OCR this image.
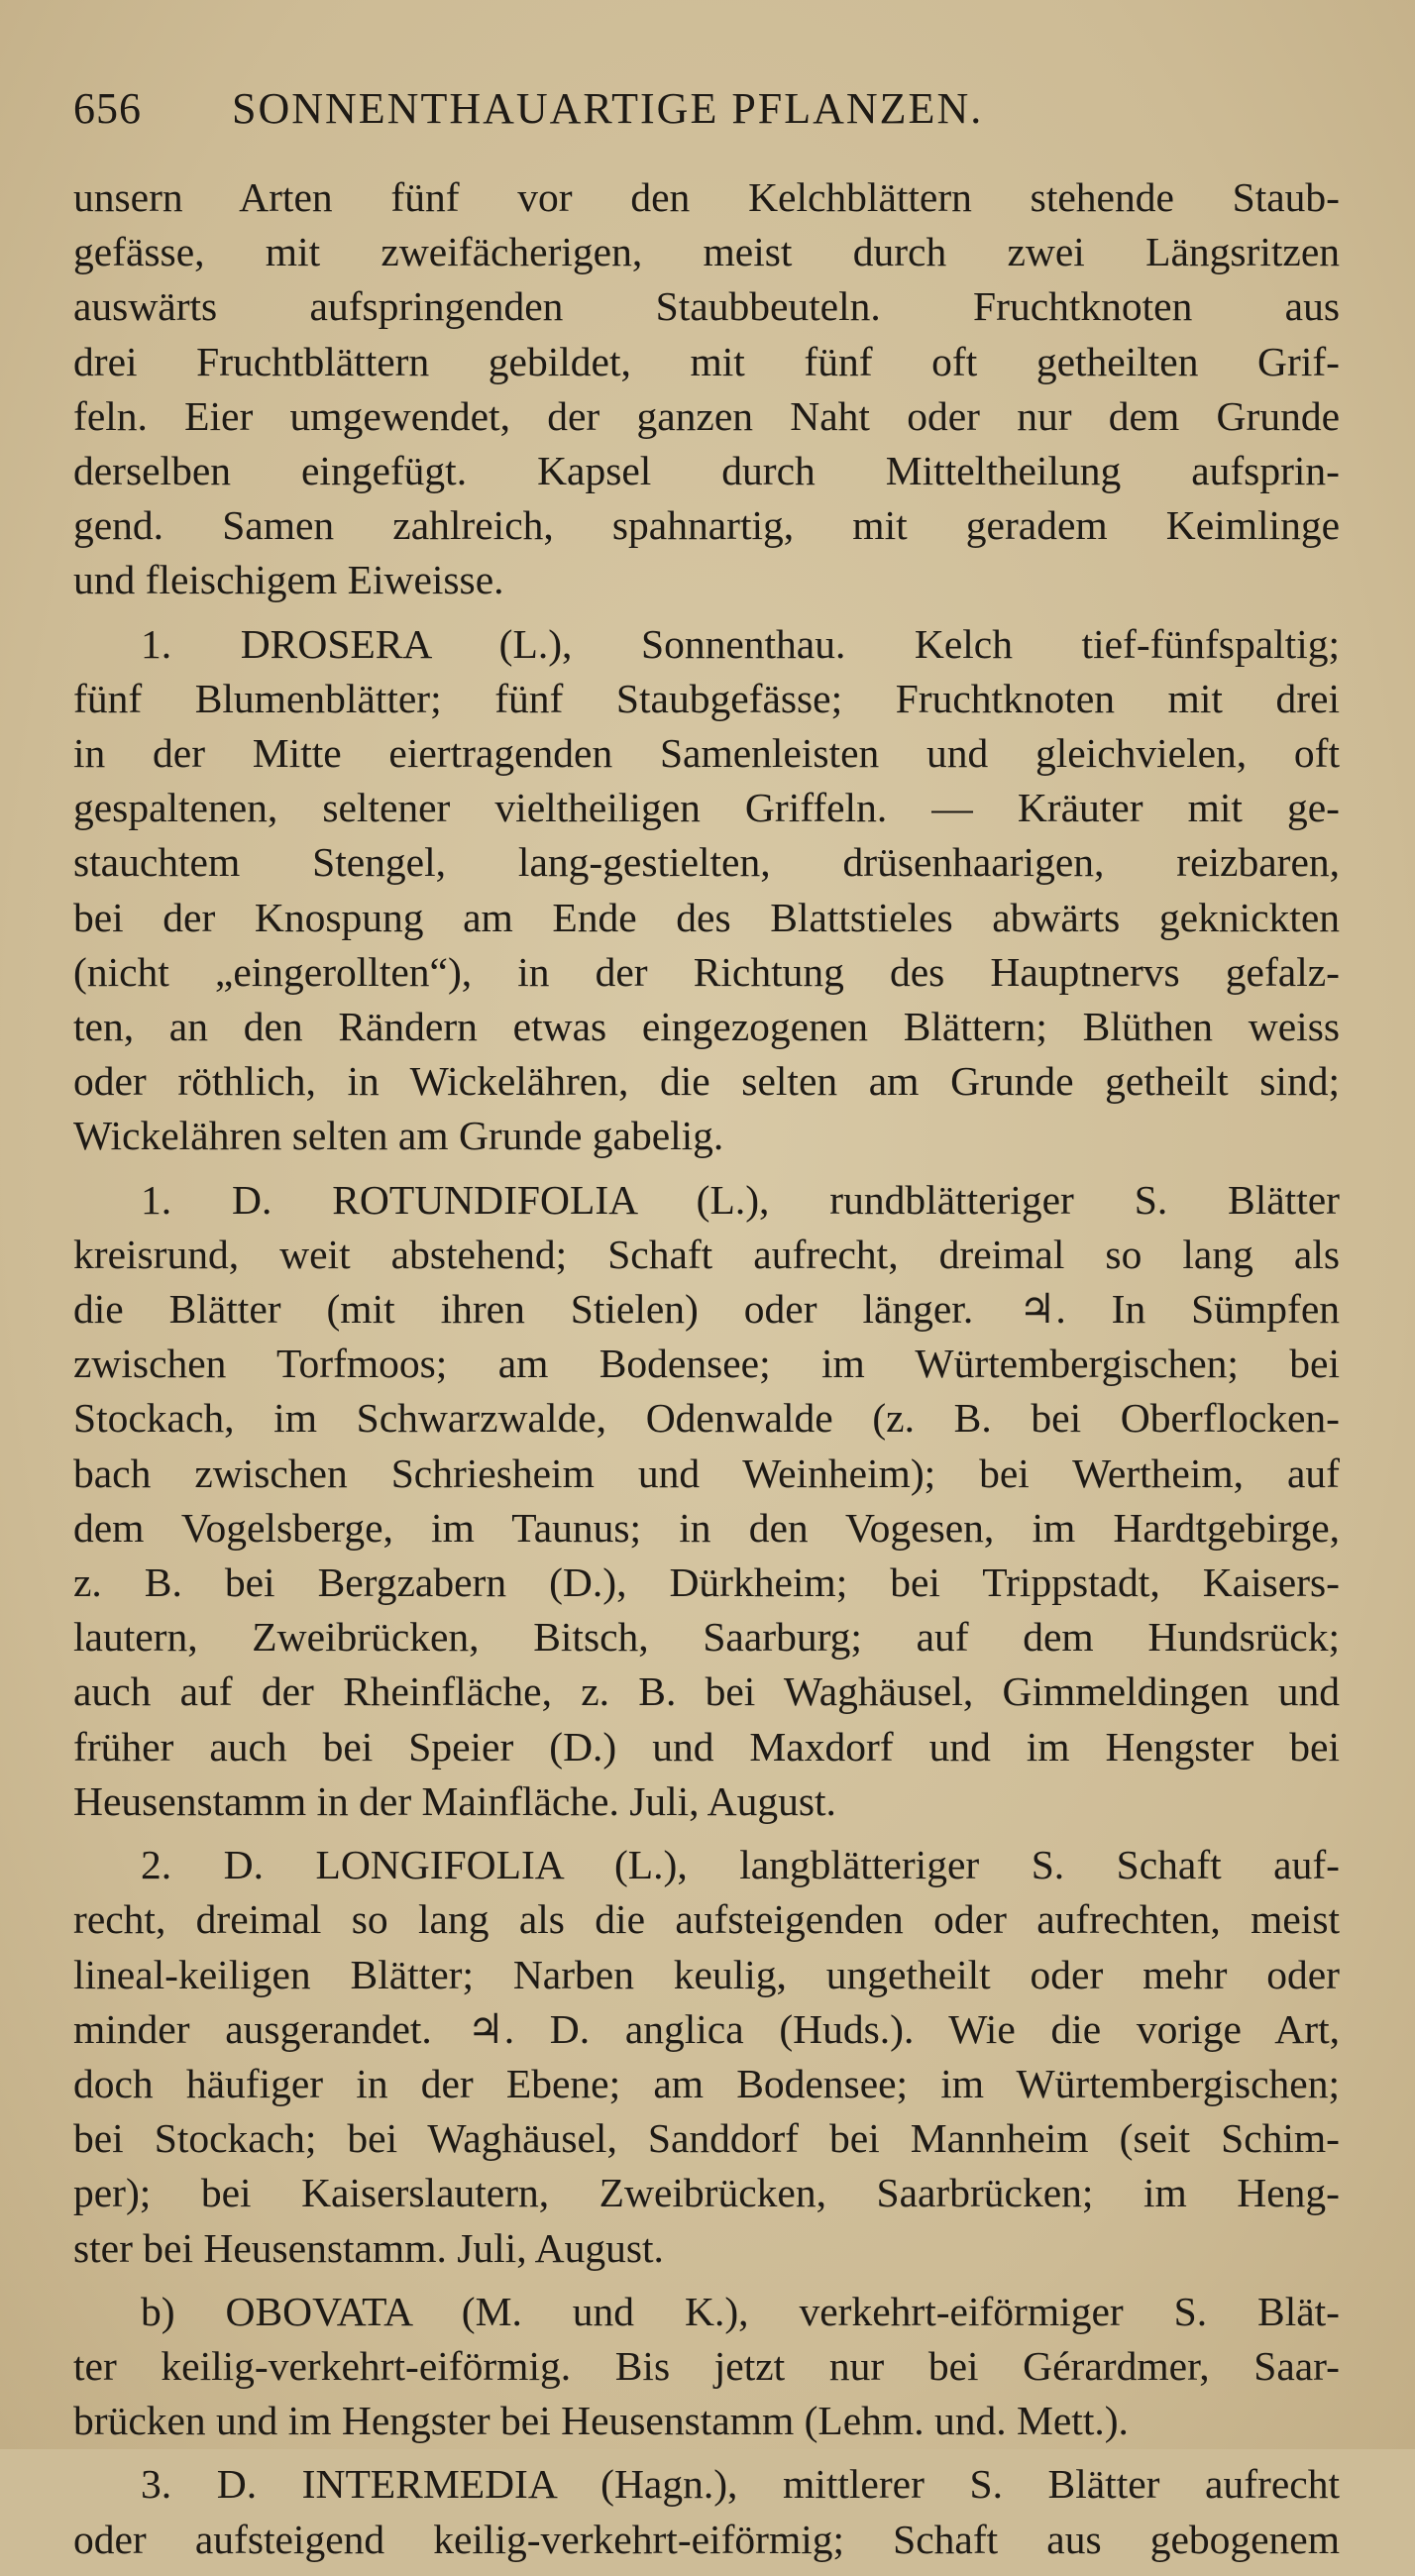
656	SONNENTHAUARTIGE PFLANZEN.
unsern Arten fünf vor den Kelchblättern stehende Staub-
gefässe, mit zweifächerigen, meist durch zwei Längsritzen
auswärts aufspringenden Staubbeuteln. Fruchtknoten aus
drei Fruchtblättern gebildet, mit fünf oft getheilten Grif-
feln. Eier umgewendet, der ganzen Naht oder nur dem Grunde
derselben eingefügt. Kapsel durch Mitteltheilung aufsprin-
gend. Samen zahlreich, spahnartig, mit geradem Keimlinge
und fleischigem Eiweisse.
1. DROSERA (L.), Sonnenthau. Kelch tief-fünfspaltig;
fünf Blumenblätter; fünf Staubgefässe; Fruchtknoten mit drei
in der Mitte eiertragenden Samenleisten und gleichvielen, oft
gespaltenen, seltener vieltheiligen Griffeln. — Kräuter mit ge-
stauchtem Stengel, lang-gestielten, drüsenhaarigen, reizbaren,
bei der Knospung am Ende des Blattstieles abwärts geknickten
(nicht „eingerollten“), in der Richtung des Hauptnervs gefalz-
ten, an den Rändern etwas eingezogenen Blättern; Blüthen weiss
oder röthlich, in Wickelähren, die selten am Grunde getheilt sind;
Wickelähren selten am Grunde gabelig.
1. D. ROTUNDIFOLIA (L.), rundblätteriger S. Blätter
kreisrund, weit abstehend; Schaft aufrecht, dreimal so lang als
die Blätter (mit ihren Stielen) oder länger. ♃. In Sümpfen
zwischen Torfmoos; am Bodensee; im Würtembergischen; bei
Stockach, im Schwarzwalde, Odenwalde (z. B. bei Oberflocken-
bach zwischen Schriesheim und Weinheim); bei Wertheim, auf
dem Vogelsberge, im Taunus; in den Vogesen, im Hardtgebirge,
z. B. bei Bergzabern (D.), Dürkheim; bei Trippstadt, Kaisers-
lautern, Zweibrücken, Bitsch, Saarburg; auf dem Hundsrück;
auch auf der Rheinfläche, z. B. bei Waghäusel, Gimmeldingen und
früher auch bei Speier (D.) und Maxdorf und im Hengster bei
Heusenstamm in der Mainfläche. Juli, August.
2. D. LONGIFOLIA (L.), langblätteriger S. Schaft auf-
recht, dreimal so lang als die aufsteigenden oder aufrechten, meist
lineal-keiligen Blätter; Narben keulig, ungetheilt oder mehr oder
minder ausgerandet. ♃. D. anglica (Huds.). Wie die vorige Art,
doch häufiger in der Ebene; am Bodensee; im Würtembergischen;
bei Stockach; bei Waghäusel, Sanddorf bei Mannheim (seit Schim-
per); bei Kaiserslautern, Zweibrücken, Saarbrücken; im Heng-
ster bei Heusenstamm. Juli, August.
b) OBOVATA (M. und K.), verkehrt-eiförmiger S. Blät-
ter keilig-verkehrt-eiförmig. Bis jetzt nur bei Gérardmer, Saar-
brücken und im Hengster bei Heusenstamm (Lehm. und. Mett.).
3. D. INTERMEDIA (Hagn.), mittlerer S. Blätter aufrecht
oder aufsteigend keilig-verkehrt-eiförmig; Schaft aus gebogenem
